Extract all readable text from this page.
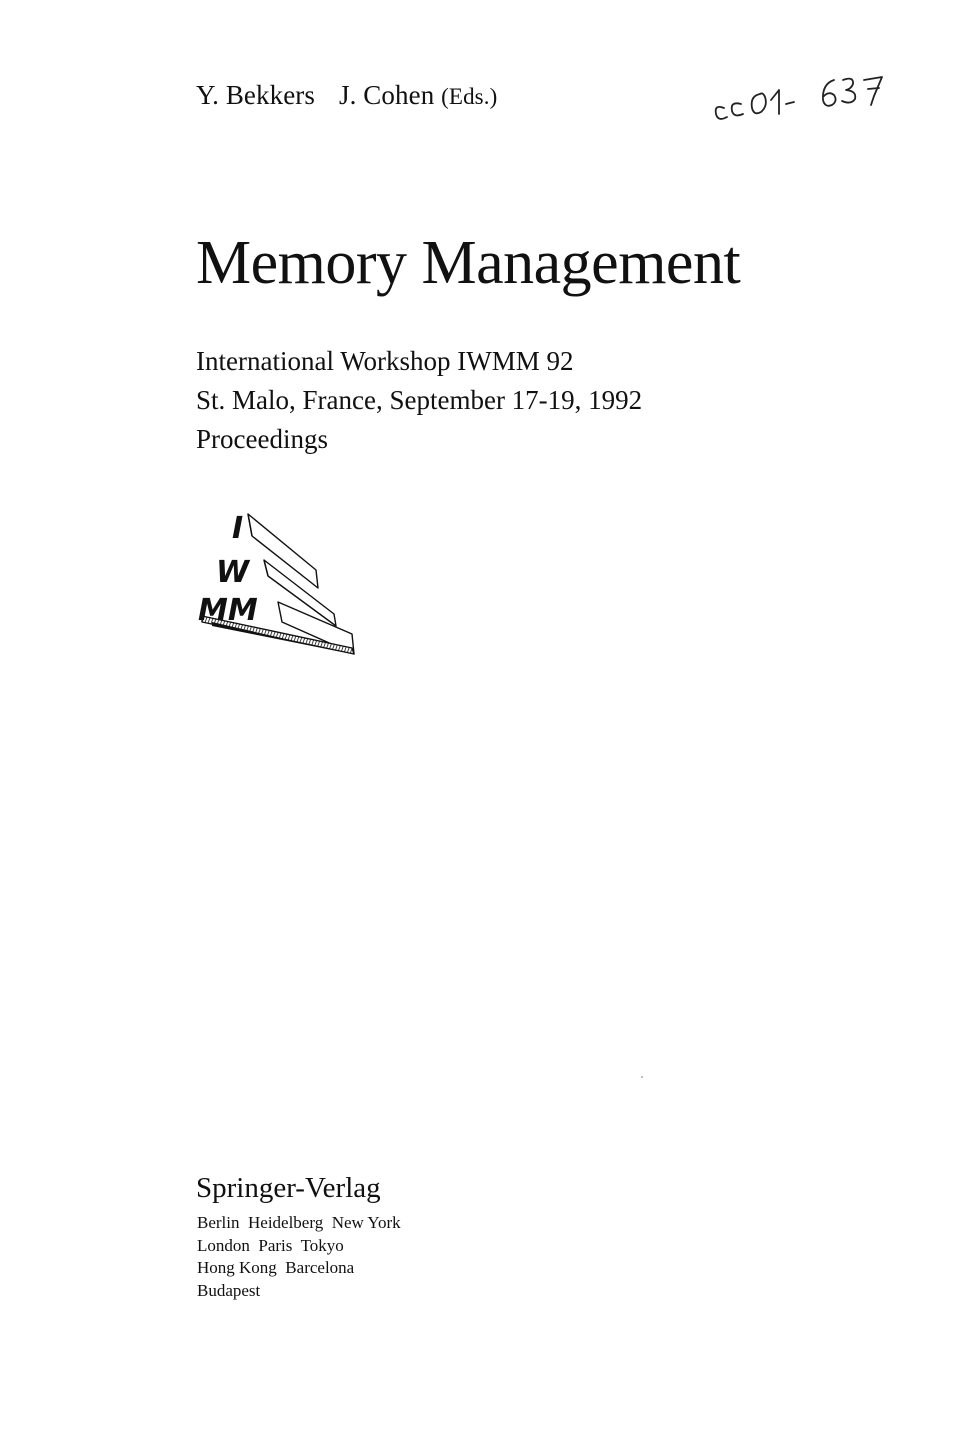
Y. Bekkers J. Cohen (Eds.)
Memory Management
International Workshop IWMM 92
St. Malo, France, September 17-19, 1992
Proceedings
I
W
MM
Springer-Verlag
Berlin  Heidelberg  New York
London  Paris  Tokyo
Hong Kong  Barcelona
Budapest
